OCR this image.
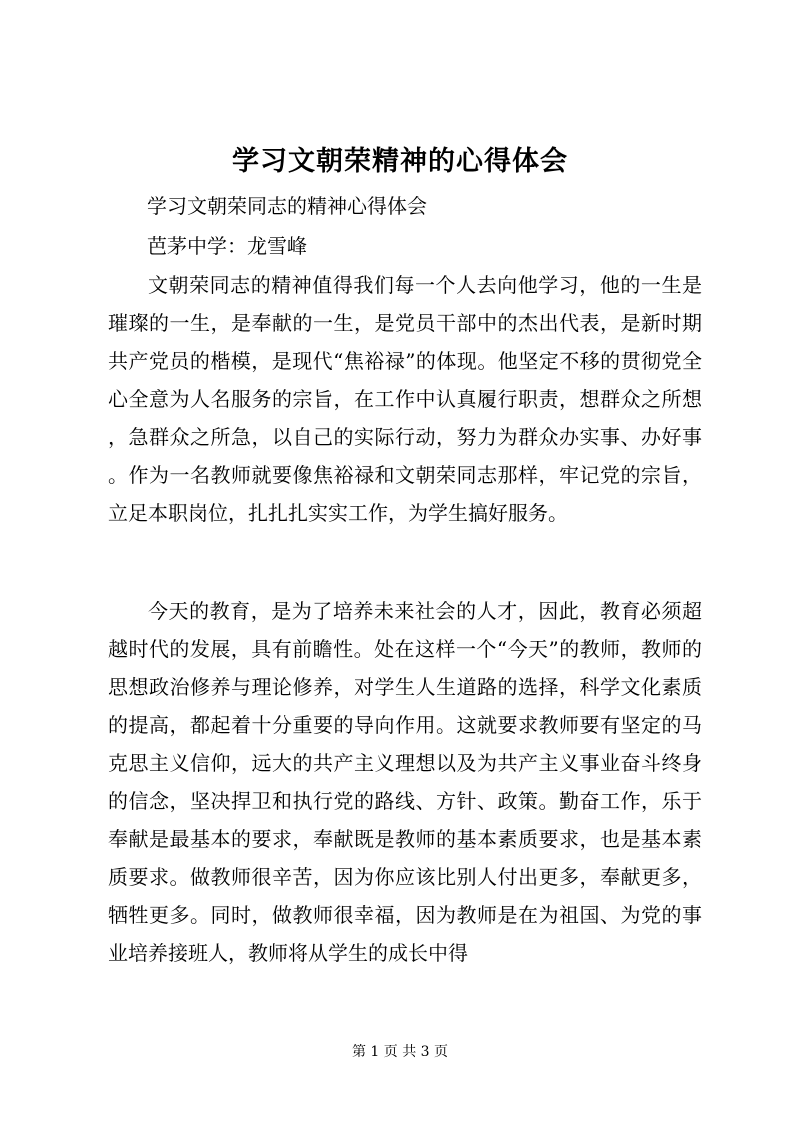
学习文朝荣精神的心得体会
学习文朝荣同志的精神心得体会
芭茅中学：龙雪峰

文朝荣同志的精神值得我们每一个人去向他学习，他的一生是璀璨的一生，是奉献的一生，是党员干部中的杰出代表，是新时期共产党员的楷模，是现代“焦裕禄”的体现。他坚定不移的贯彻党全心全意为人名服务的宗旨，在工作中认真履行职责，想群众之所想，急群众之所急，以自己的实际行动，努力为群众办实事、办好事。作为一名教师就要像焦裕禄和文朝荣同志那样，牢记党的宗旨，立足本职岗位，扎扎扎实实工作，为学生搞好服务。

今天的教育，是为了培养未来社会的人才，因此，教育必须超越时代的发展，具有前瞻性。处在这样一个“今天”的教师，教师的思想政治修养与理论修养，对学生人生道路的选择，科学文化素质的提高，都起着十分重要的导向作用。这就要求教师要有坚定的马克思主义信仰，远大的共产主义理想以及为共产主义事业奋斗终身的信念，坚决捍卫和执行党的路线、方针、政策。勤奋工作，乐于奉献是最基本的要求，奉献既是教师的基本素质要求，也是基本素质要求。做教师很辛苦，因为你应该比别人付出更多，奉献更多，牺牲更多。同时，做教师很幸福，因为教师是在为祖国、为党的事业培养接班人，教师将从学生的成长中得

第 1 页 共 3 页
